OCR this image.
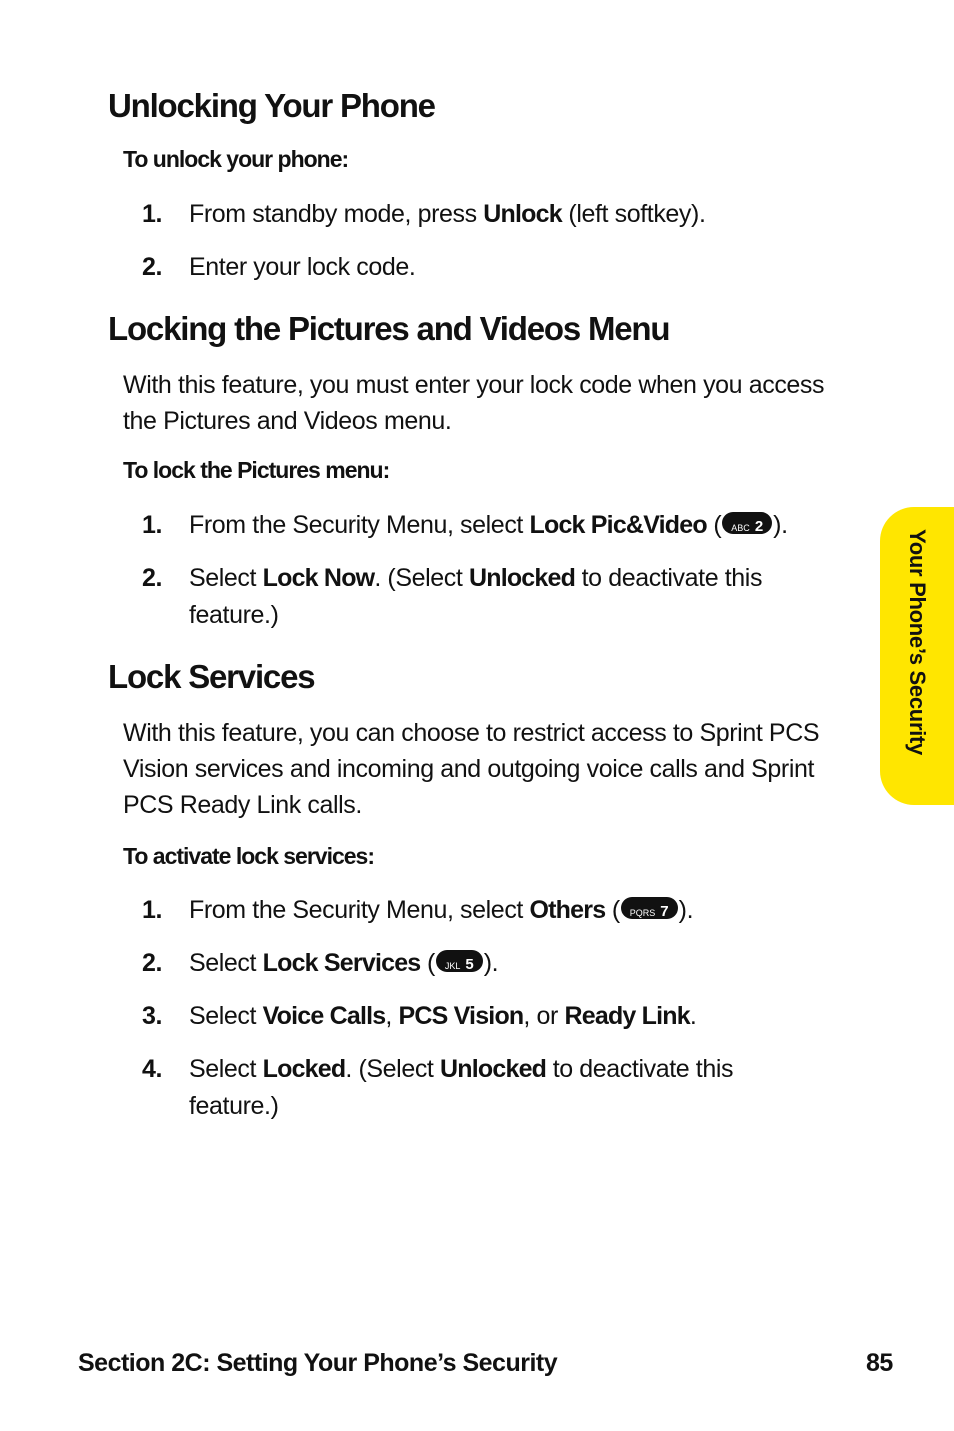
Unlocking Your Phone
To unlock your phone:
1. From standby mode, press Unlock (left softkey).
2. Enter your lock code.
Locking the Pictures and Videos Menu
With this feature, you must enter your lock code when you access the Pictures and Videos menu.
To lock the Pictures menu:
1. From the Security Menu, select Lock Pic&Video ( ABC 2 ).
2. Select Lock Now. (Select Unlocked to deactivate this feature.)
Lock Services
With this feature, you can choose to restrict access to Sprint PCS Vision services and incoming and outgoing voice calls and Sprint PCS Ready Link calls.
To activate lock services:
1. From the Security Menu, select Others ( PQRS 7 ).
2. Select Lock Services ( JKL 5 ).
3. Select Voice Calls, PCS Vision, or Ready Link.
4. Select Locked. (Select Unlocked to deactivate this feature.)
Your Phone’s Security
Section 2C: Setting Your Phone’s Security	85
